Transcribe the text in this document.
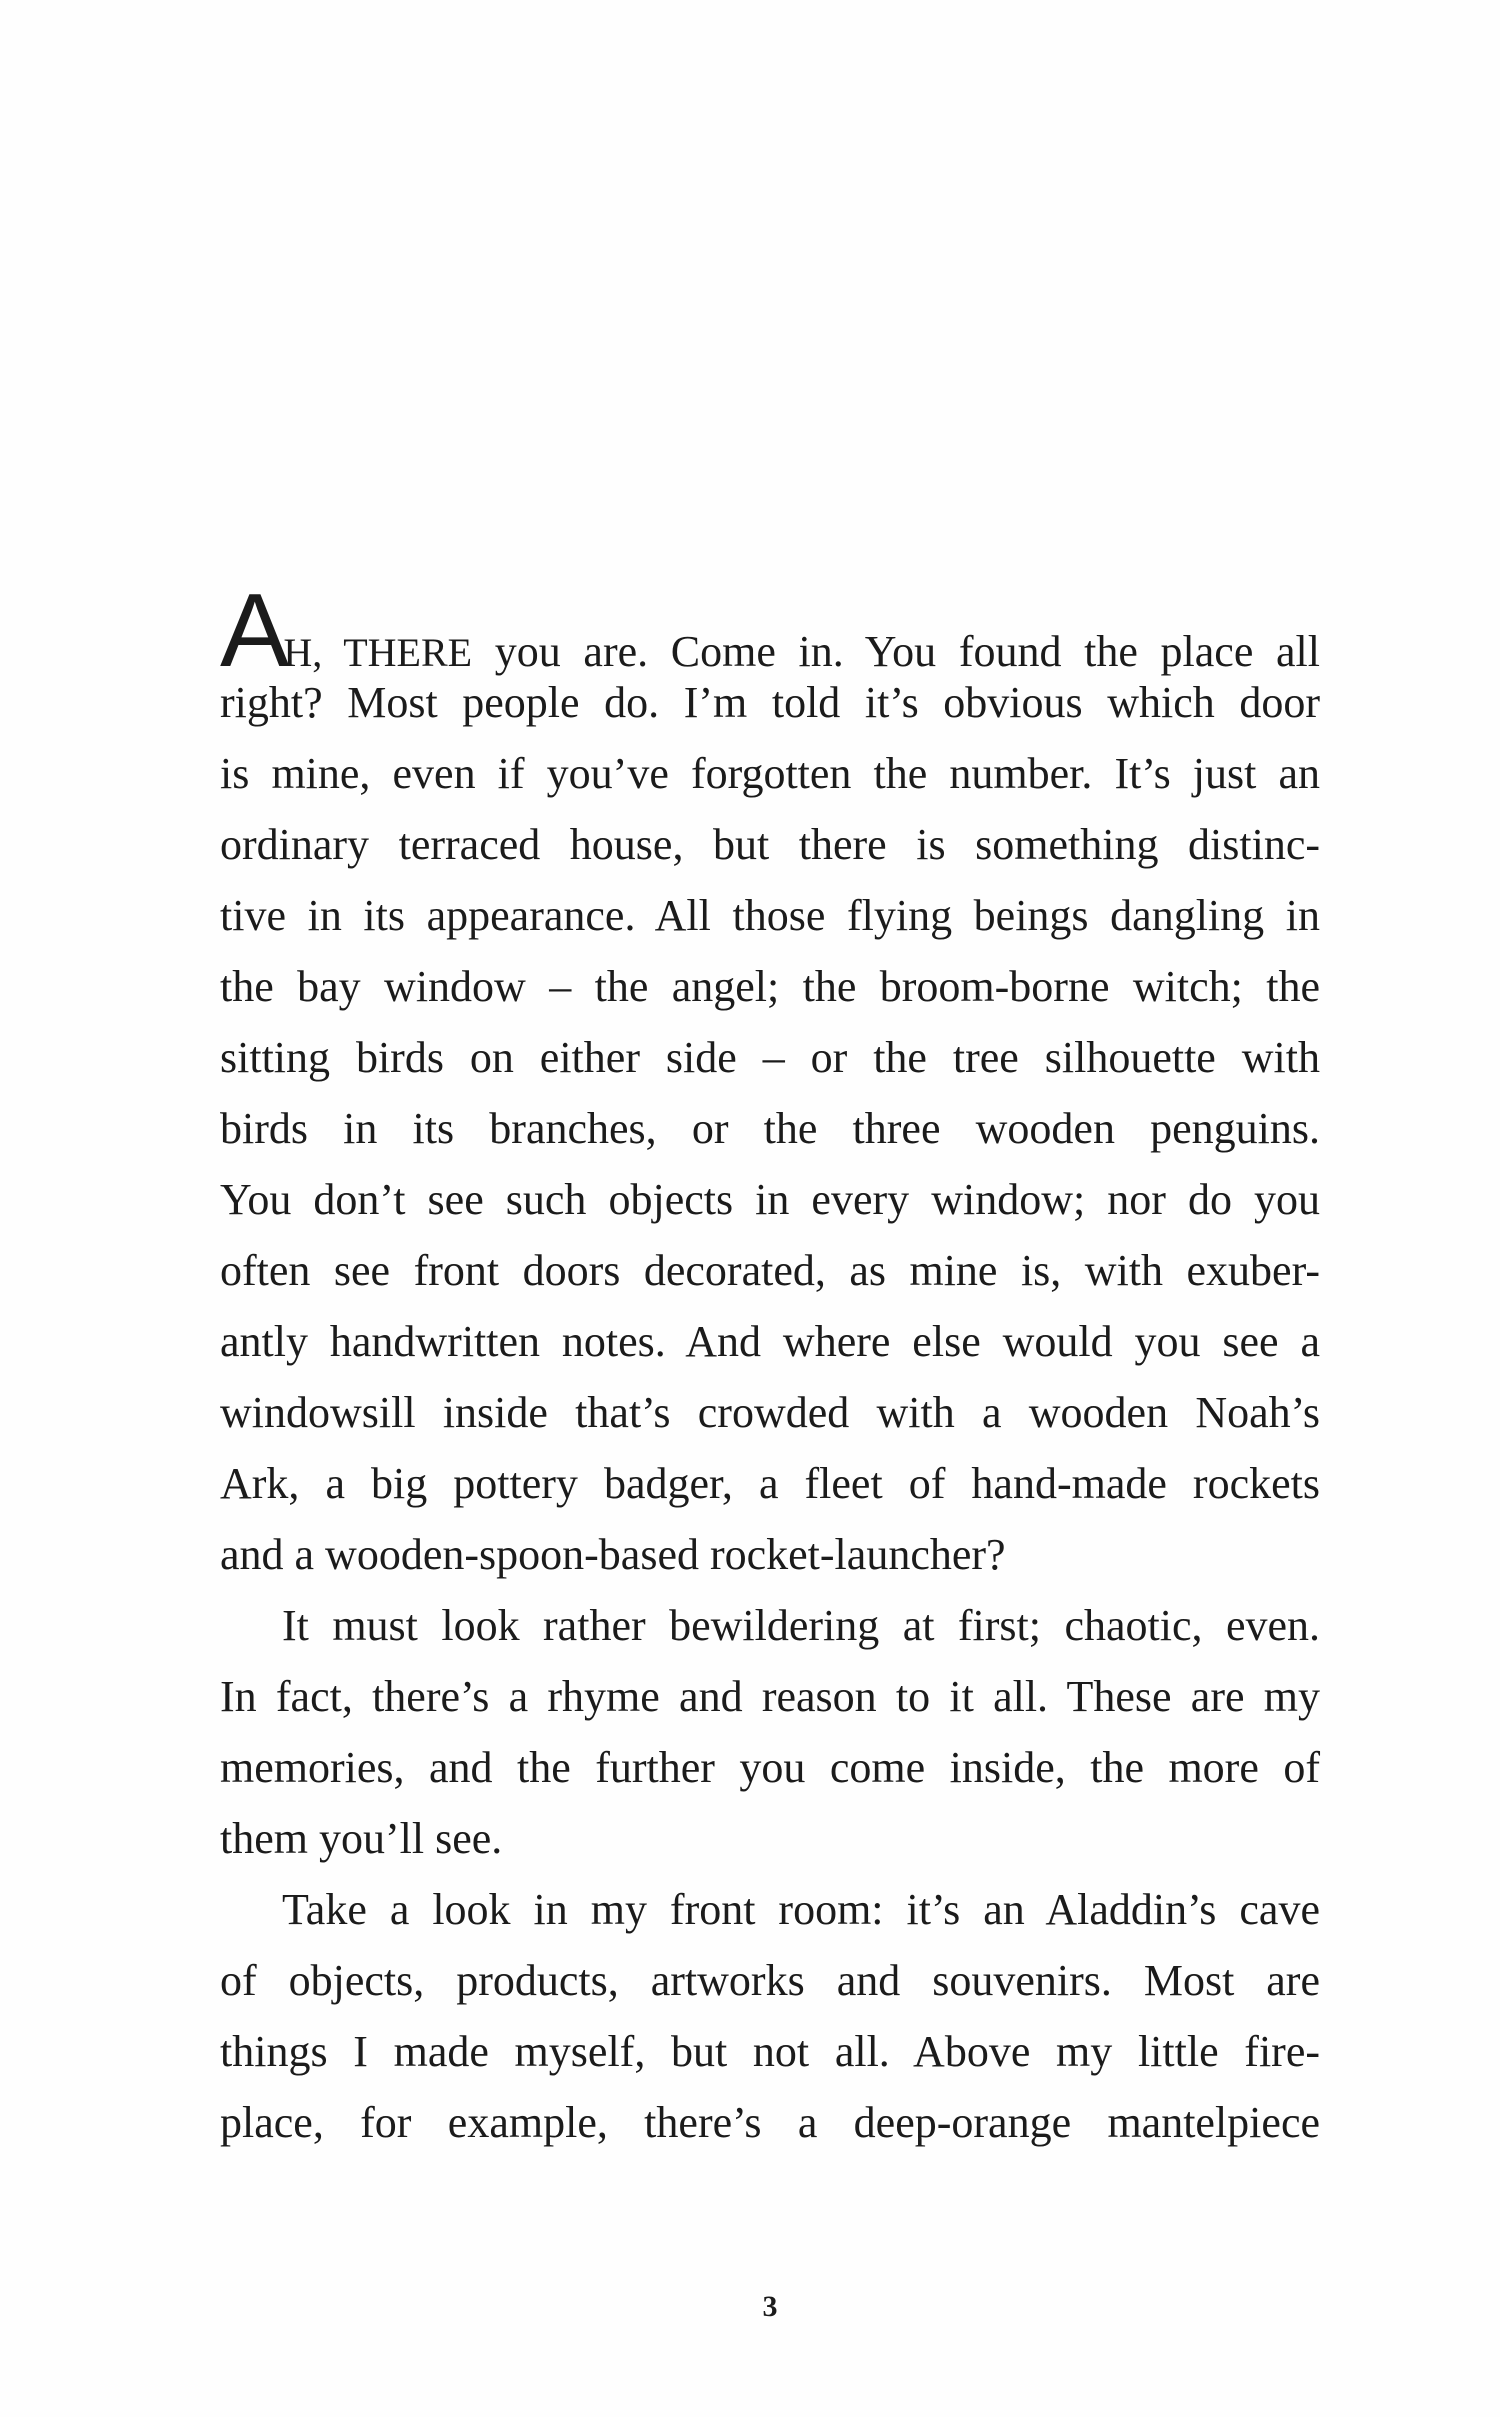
AH, THERE you are. Come in. You found the place all
right? Most people do. I’m told it’s obvious which door
is mine, even if you’ve forgotten the number. It’s just an
ordinary terraced house, but there is something distinc-
tive in its appearance. All those flying beings dangling in
the bay window – the angel; the broom-borne witch; the
sitting birds on either side – or the tree silhouette with
birds in its branches, or the three wooden penguins.
You don’t see such objects in every window; nor do you
often see front doors decorated, as mine is, with exuber-
antly handwritten notes. And where else would you see a
windowsill inside that’s crowded with a wooden Noah’s
Ark, a big pottery badger, a fleet of hand-made rockets
and a wooden-spoon-based rocket-launcher?
It must look rather bewildering at first; chaotic, even.
In fact, there’s a rhyme and reason to it all. These are my
memories, and the further you come inside, the more of
them you’ll see.
Take a look in my front room: it’s an Aladdin’s cave
of objects, products, artworks and souvenirs. Most are
things I made myself, but not all. Above my little fire-
place, for example, there’s a deep-orange mantelpiece
3
